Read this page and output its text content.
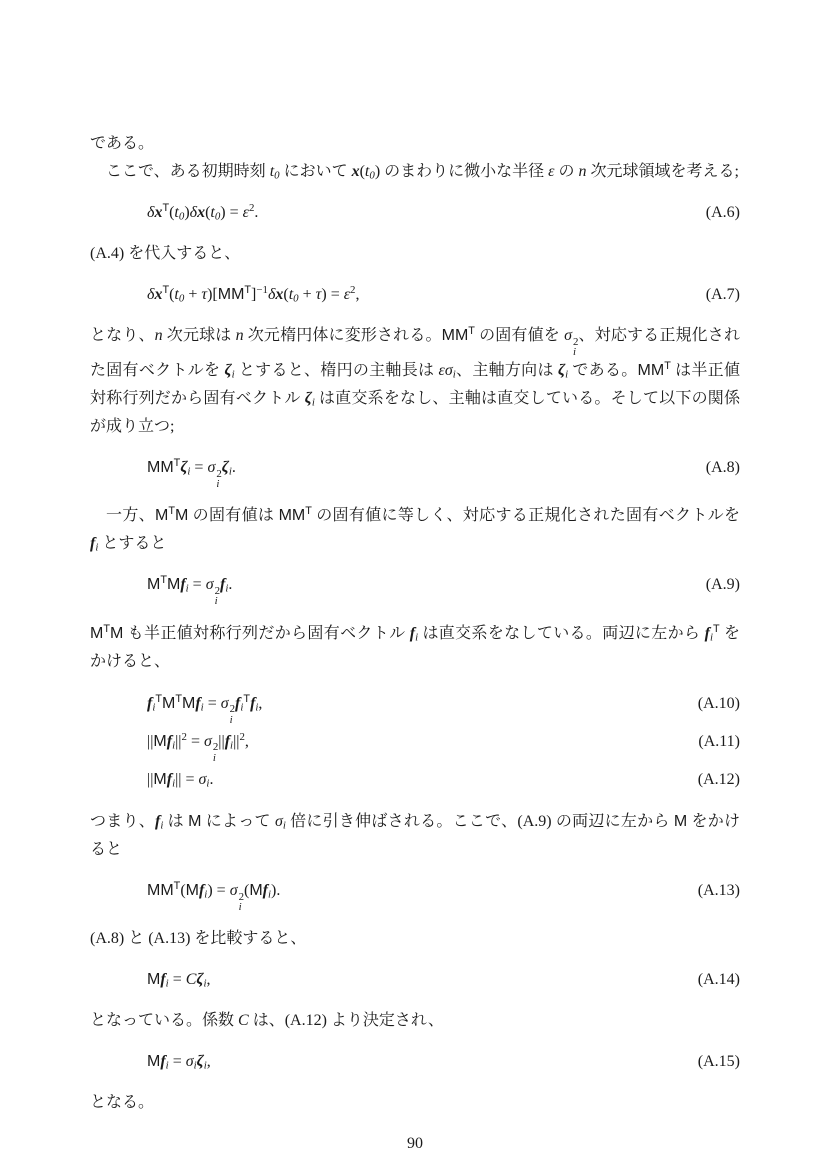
である。

ここで、ある初期時刻 $t_0$ において $x(t_0)$ のまわりに微小な半径 ε の n 次元球領域を考える;

$\delta x^T(t_0)\delta x(t_0) = \varepsilon^2$.	(A.6)

(A.4) を代入すると、

$\delta x^T(t_0 + \tau)[MM^T]^{-1}\delta x(t_0 + \tau) = \varepsilon^2$,	(A.7)

となり、n 次元球は n 次元楕円体に変形される。$MM^T$ の固有値を σ 2
i
、対応する正規化された固有ベクトルを $\zeta_i$ とすると、楕円の主軸長は $\varepsilon\sigma_i$、主軸方向は $\zeta_i$ である。$MM^T$ は半正値対称行列だから固有ベクトル $\zeta_i$ は直交系をなし、主軸は直交している。そして以下の関係が成り立つ;

$MM^T\zeta_i = \sigma$ 2
i
$\zeta_i$.	(A.8)

一方、$M^TM$ の固有値は $MM^T$ の固有値に等しく、対応する正規化された固有ベクトルを $f_i$ とすると

$M^TMf_i = \sigma$ 2
i
$f_i$.	(A.9)

$M^TM$ も半正値対称行列だから固有ベクトル $f_i$ は直交系をなしている。両辺に左から $f_i^T$ をかけると、

$f_i^TM^TMf_i = \sigma$ 2
i
$f_i^Tf_i$,	(A.10)
$||Mf_i||^2 = \sigma$ 2
i
$||f_i||^2$,	(A.11)
$||Mf_i|| = \sigma_i$.	(A.12)

つまり、$f_i$ は M によって $\sigma_i$ 倍に引き伸ばされる。ここで、(A.9) の両辺に左から M をかけると

$MM^T(Mf_i) = \sigma$ 2
i
$(Mf_i)$.	(A.13)

(A.8) と (A.13) を比較すると、

$Mf_i = C\zeta_i$,	(A.14)

となっている。係数 C は、(A.12) より決定され、

$Mf_i = \sigma_i\zeta_i$,	(A.15)

となる。

90
